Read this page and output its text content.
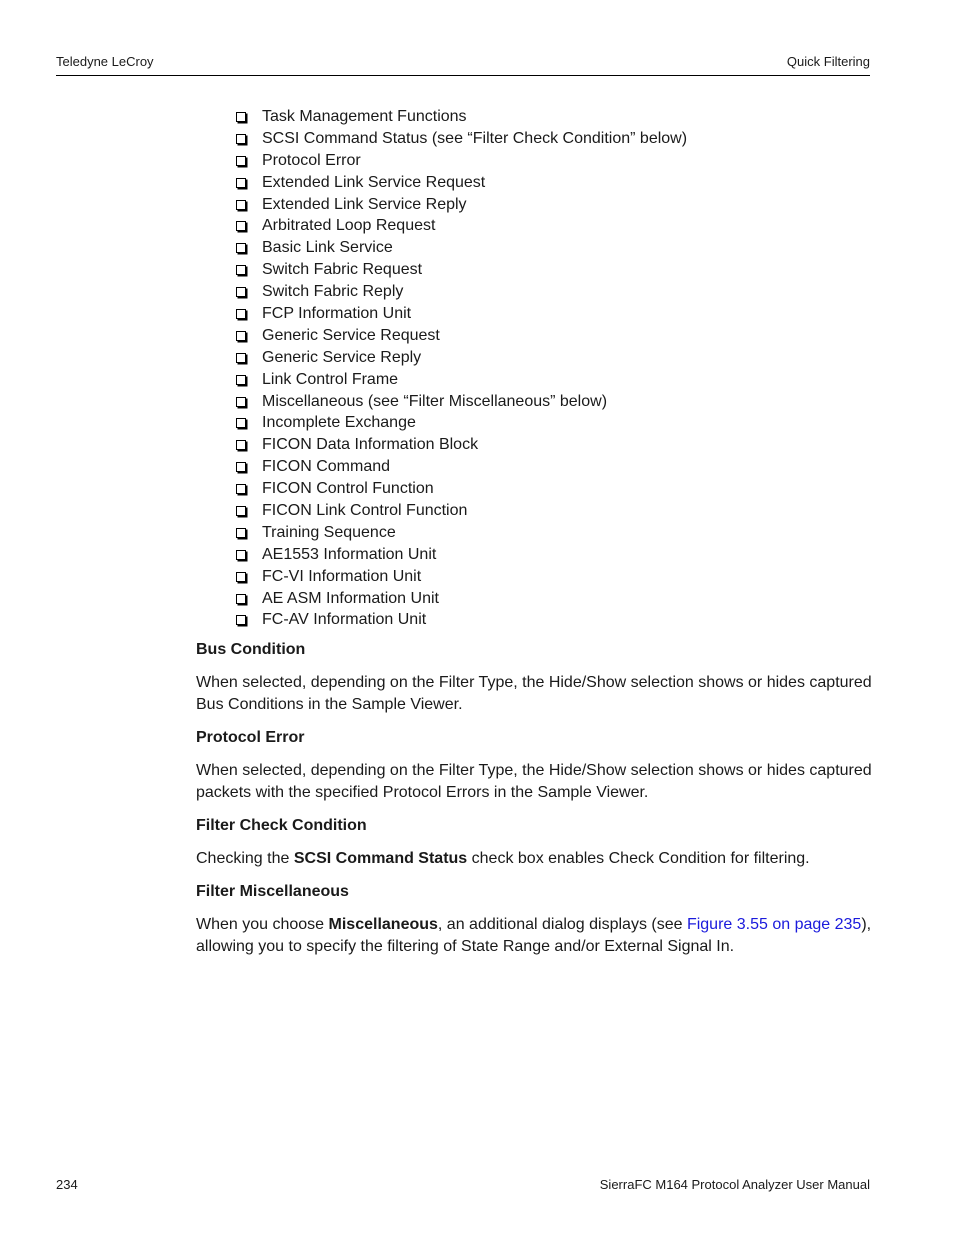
Teledyne LeCroy	Quick Filtering
Task Management Functions
SCSI Command Status (see “Filter Check Condition” below)
Protocol Error
Extended Link Service Request
Extended Link Service Reply
Arbitrated Loop Request
Basic Link Service
Switch Fabric Request
Switch Fabric Reply
FCP Information Unit
Generic Service Request
Generic Service Reply
Link Control Frame
Miscellaneous (see “Filter Miscellaneous” below)
Incomplete Exchange
FICON Data Information Block
FICON Command
FICON Control Function
FICON Link Control Function
Training Sequence
AE1553 Information Unit
FC-VI Information Unit
AE ASM Information Unit
FC-AV Information Unit
Bus Condition

When selected, depending on the Filter Type, the Hide/Show selection shows or hides captured Bus Conditions in the Sample Viewer.

Protocol Error

When selected, depending on the Filter Type, the Hide/Show selection shows or hides captured packets with the specified Protocol Errors in the Sample Viewer.

Filter Check Condition

Checking the SCSI Command Status check box enables Check Condition for filtering.

Filter Miscellaneous

When you choose Miscellaneous, an additional dialog displays (see Figure 3.55 on page 235), allowing you to specify the filtering of State Range and/or External Signal In.

234	SierraFC M164 Protocol Analyzer User Manual
